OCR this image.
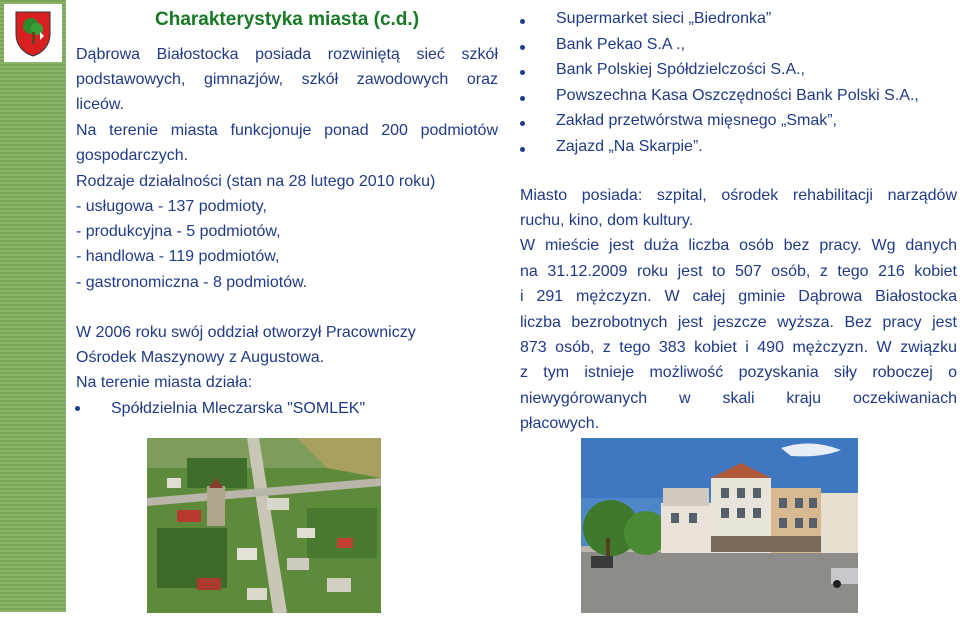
Charakterystyka miasta (c.d.)
Dąbrowa Białostocka posiada rozwiniętą sieć szkół
podstawowych, gimnazjów, szkół zawodowych oraz
liceów.
Na terenie miasta funkcjonuje ponad 200 podmiotów
gospodarczych.
Rodzaje działalności (stan na 28 lutego 2010 roku)
- usługowa - 137 podmioty,
- produkcyjna - 5 podmiotów,
- handlowa - 119 podmiotów,
- gastronomiczna - 8 podmiotów.
W 2006 roku swój oddział otworzył Pracowniczy
Ośrodek Maszynowy z Augustowa.
Na terenie miasta działa:
Spółdzielnia Mleczarska "SOMLEK"
Supermarket sieci „Biedronka”
Bank Pekao S.A .,
Bank Polskiej Spółdzielczości S.A.,
Powszechna Kasa Oszczędności Bank Polski S.A.,
Zakład przetwórstwa mięsnego „Smak”,
Zajazd „Na Skarpie”.
Miasto posiada: szpital, ośrodek rehabilitacji narządów
ruchu, kino, dom kultury.
W mieście jest duża liczba osób bez pracy. Wg danych
na 31.12.2009 roku jest to 507 osób, z tego 216 kobiet
i 291 mężczyzn. W całej gminie Dąbrowa Białostocka
liczba bezrobotnych jest jeszcze wyższa. Bez pracy jest
873 osób, z tego 383 kobiet i 490 mężczyzn. W związku
z tym istnieje możliwość pozyskania siły roboczej o
niewygórowanych w skali kraju oczekiwaniach
płacowych.
